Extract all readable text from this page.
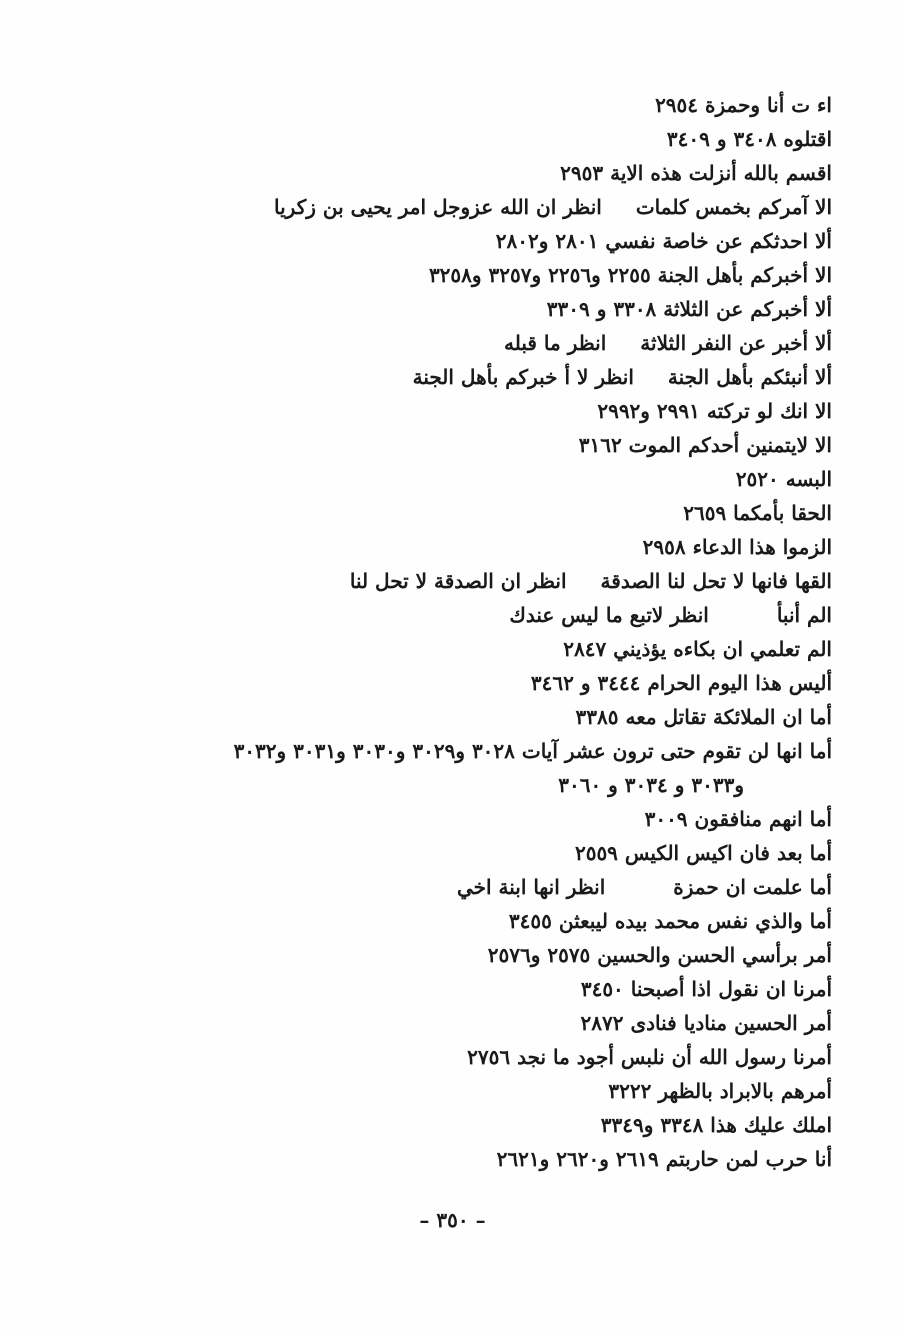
اء ت أنا وحمزة ٢٩٥٤
اقتلوه ٣٤٠٨ و ٣٤٠٩
اقسم بالله أنزلت هذه الاية ٢٩٥٣
الا آمركم بخمس كلماتانظر ان الله عزوجل امر يحيى بن زكريا
ألا احدثكم عن خاصة نفسي ٢٨٠١ و٢٨٠٢
الا أخبركم بأهل الجنة ٢٢٥٥ و٢٢٥٦ و٣٢٥٧ و٣٢٥٨
ألا أخبركم عن الثلاثة ٣٣٠٨ و ٣٣٠٩
ألا أخبر عن النفر الثلاثةانظر ما قبله
ألا أنبئكم بأهل الجنةانظر لا أ خبركم بأهل الجنة
الا انك لو تركته ٢٩٩١ و٢٩٩٢
الا لايتمنين أحدكم الموت ٣١٦٢
البسه ٢٥٢٠
الحقا بأمكما ٢٦٥٩
الزموا هذا الدعاء ٢٩٥٨
القها فانها لا تحل لنا الصدقةانظر ان الصدقة لا تحل لنا
الم أنبأانظر لاتبع ما ليس عندك
الم تعلمي ان بكاءه يؤذيني ٢٨٤٧
أليس هذا اليوم الحرام ٣٤٤٤ و ٣٤٦٢
أما ان الملائكة تقاتل معه ٣٣٨٥
أما انها لن تقوم حتى ترون عشر آيات ٣٠٢٨ و٣٠٢٩ و٣٠٣٠ و٣٠٣١ و٣٠٣٢
و٣٠٣٣ و ٣٠٣٤ و ٣٠٦٠
أما انهم منافقون ٣٠٠٩
أما بعد فان اكيس الكيس ٢٥٥٩
أما علمت ان حمزةانظر انها ابنة اخي
أما والذي نفس محمد بيده ليبعثن ٣٤٥٥
أمر برأسي الحسن والحسين ٢٥٧٥ و٢٥٧٦
أمرنا ان نقول اذا أصبحنا ٣٤٥٠
أمر الحسين مناديا فنادى ٢٨٧٢
أمرنا رسول الله أن نلبس أجود ما نجد ٢٧٥٦
أمرهم بالابراد بالظهر ٣٢٢٢
املك عليك هذا ٣٣٤٨ و٣٣٤٩
أنا حرب لمن حاربتم ٢٦١٩ و٢٦٢٠ و٢٦٢١
– ٣٥٠ –
